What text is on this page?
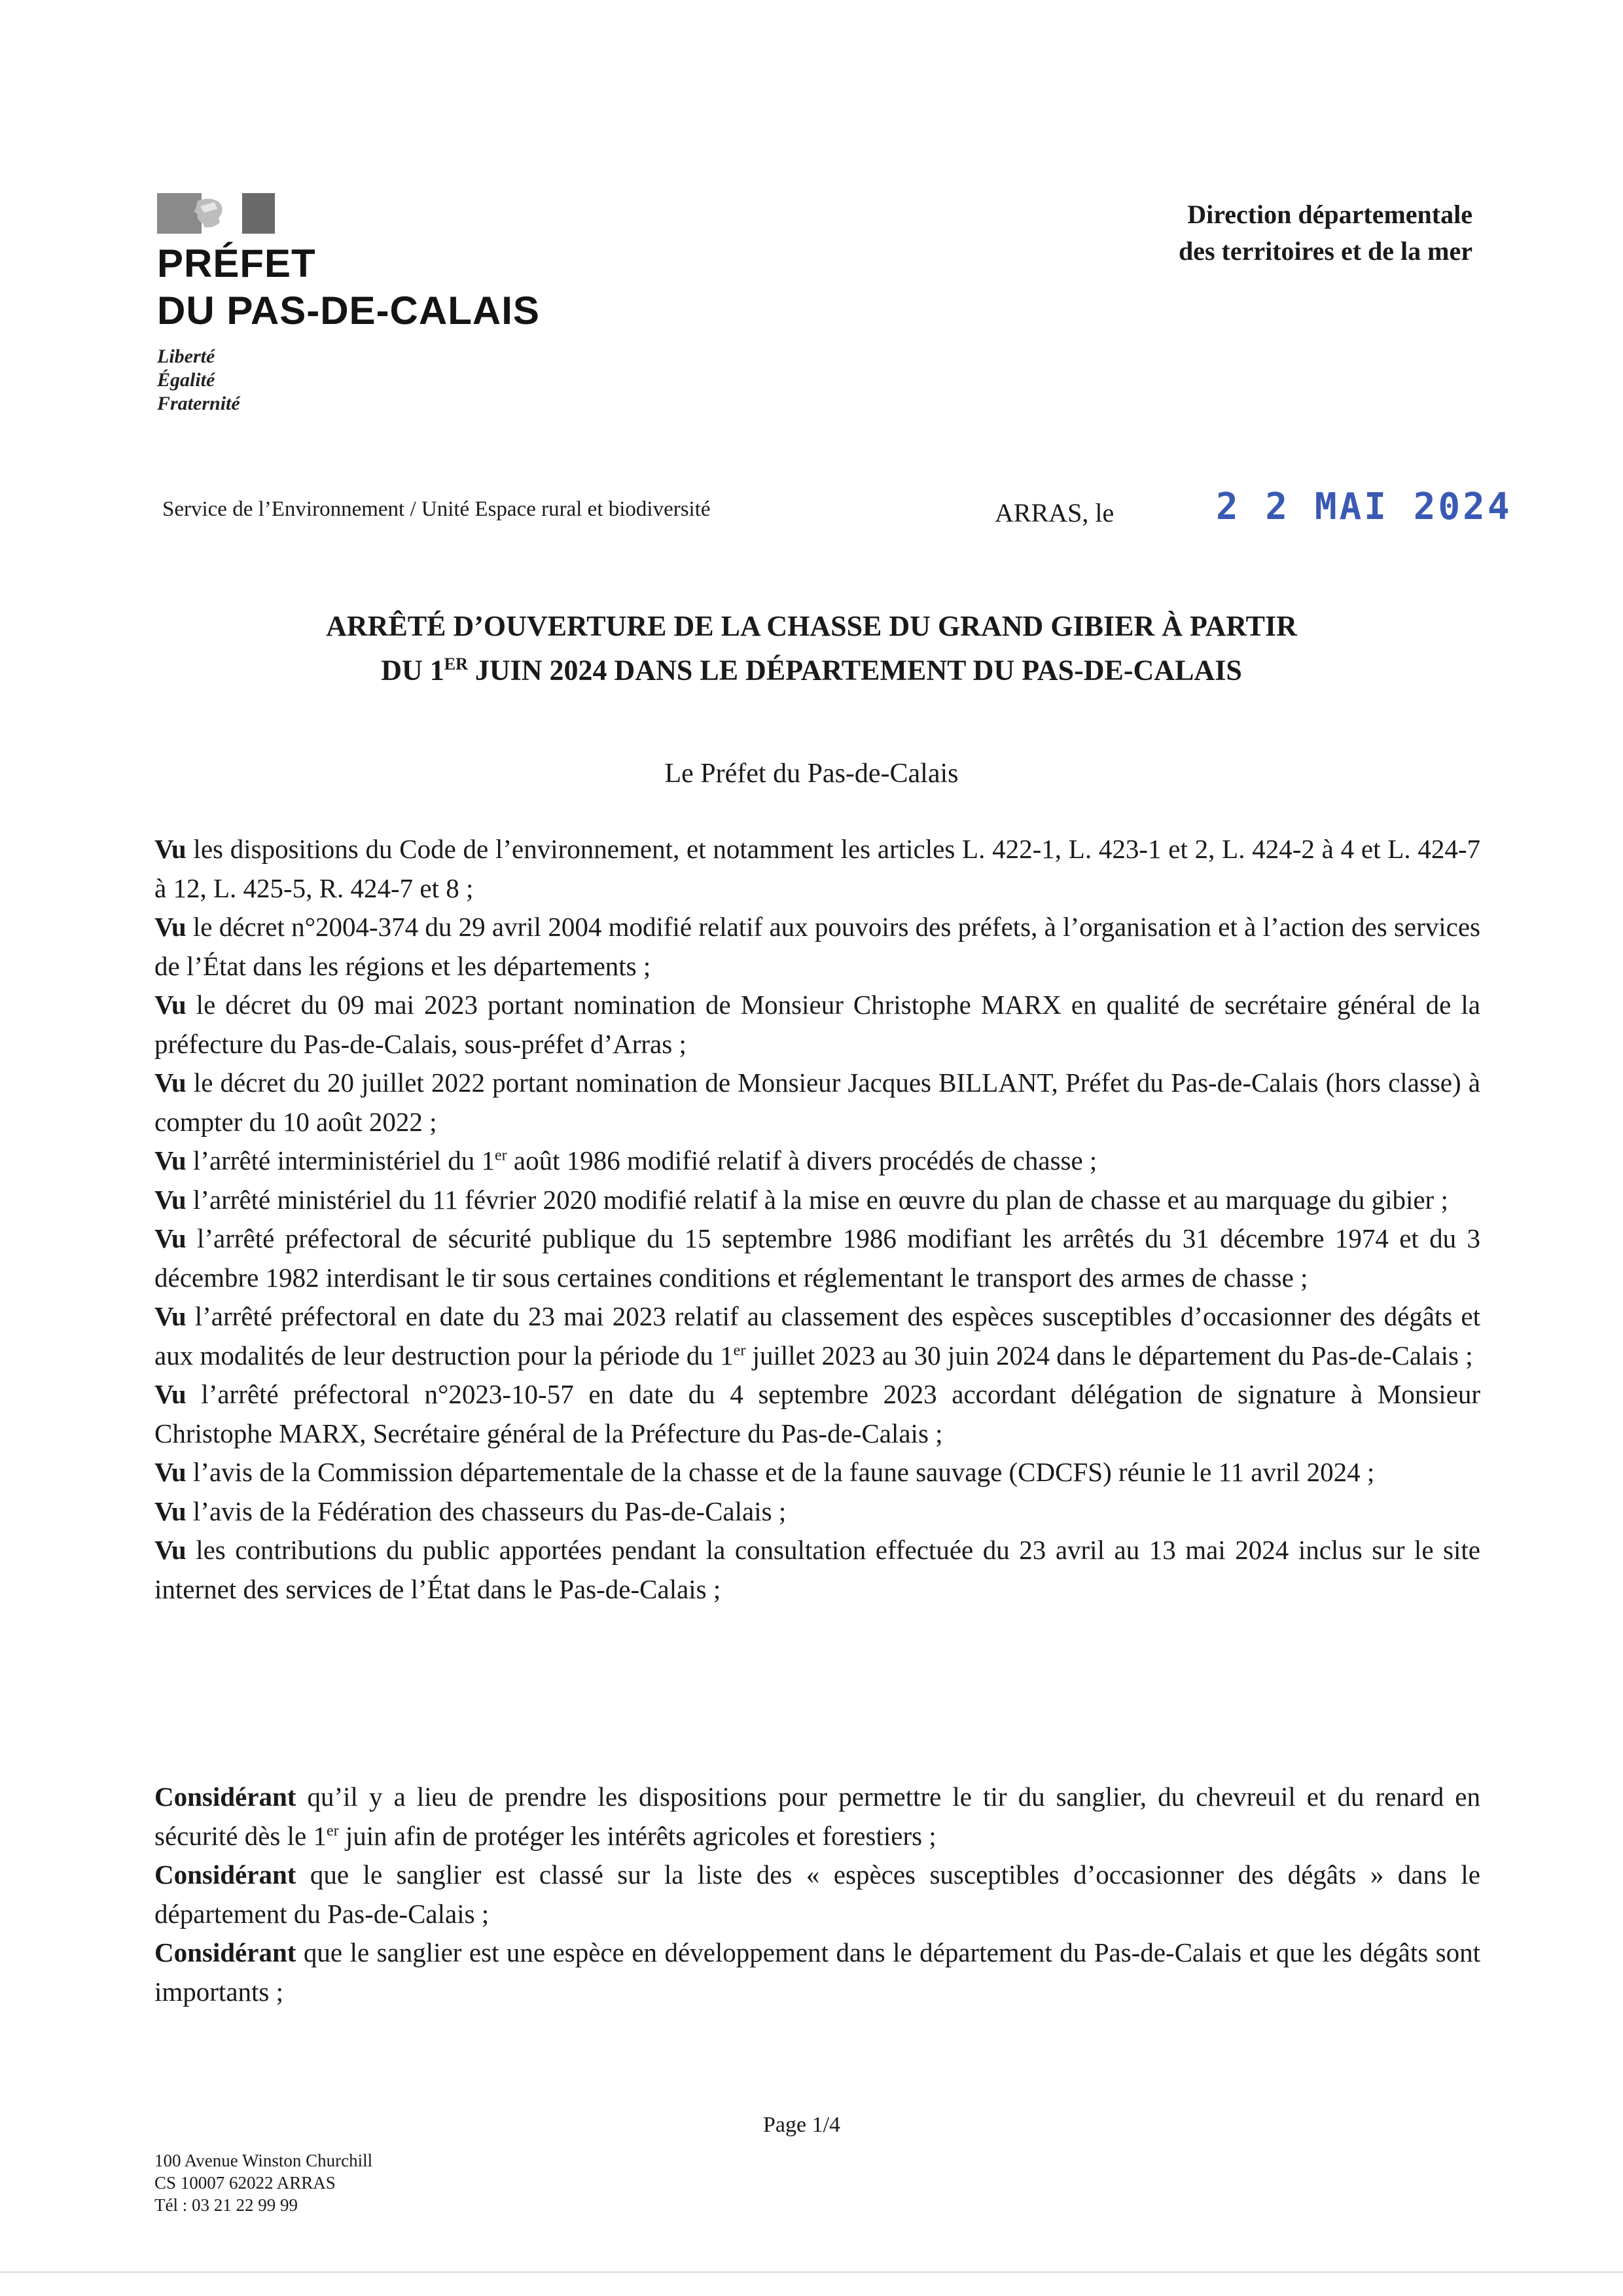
PRÉFET
DU PAS-DE-CALAIS
Liberté
Égalité
Fraternité
Direction départementale
des territoires et de la mer
Service de l’Environnement / Unité Espace rural et biodiversité	ARRAS, le	2 2 MAI 2024
ARRÊTÉ D’OUVERTURE DE LA CHASSE DU GRAND GIBIER À PARTIR
DU 1ER JUIN 2024 DANS LE DÉPARTEMENT DU PAS-DE-CALAIS
Le Préfet du Pas-de-Calais

Vu les dispositions du Code de l’environnement, et notamment les articles L. 422-1, L. 423-1 et 2, L. 424-2 à 4 et L. 424-7 à 12, L. 425-5, R. 424-7 et 8 ;

Vu le décret n°2004-374 du 29 avril 2004 modifié relatif aux pouvoirs des préfets, à l’organisation et à l’action des services de l’État dans les régions et les départements ;

Vu le décret du 09 mai 2023 portant nomination de Monsieur Christophe MARX en qualité de secrétaire général de la préfecture du Pas-de-Calais, sous-préfet d’Arras ;

Vu le décret du 20 juillet 2022 portant nomination de Monsieur Jacques BILLANT, Préfet du Pas-de-Calais (hors classe) à compter du 10 août 2022 ;

Vu l’arrêté interministériel du 1er août 1986 modifié relatif à divers procédés de chasse ;

Vu l’arrêté ministériel du 11 février 2020 modifié relatif à la mise en œuvre du plan de chasse et au marquage du gibier ;

Vu l’arrêté préfectoral de sécurité publique du 15 septembre 1986 modifiant les arrêtés du 31 décembre 1974 et du 3 décembre 1982 interdisant le tir sous certaines conditions et réglementant le transport des armes de chasse ;

Vu l’arrêté préfectoral en date du 23 mai 2023 relatif au classement des espèces susceptibles d’occasionner des dégâts et aux modalités de leur destruction pour la période du 1er juillet 2023 au 30 juin 2024 dans le département du Pas-de-Calais ;

Vu l’arrêté préfectoral n°2023-10-57 en date du 4 septembre 2023 accordant délégation de signature à Monsieur Christophe MARX, Secrétaire général de la Préfecture du Pas-de-Calais ;

Vu l’avis de la Commission départementale de la chasse et de la faune sauvage (CDCFS) réunie le 11 avril 2024 ;

Vu l’avis de la Fédération des chasseurs du Pas-de-Calais ;

Vu les contributions du public apportées pendant la consultation effectuée du 23 avril au 13 mai 2024 inclus sur le site internet des services de l’État dans le Pas-de-Calais ;

Considérant qu’il y a lieu de prendre les dispositions pour permettre le tir du sanglier, du chevreuil et du renard en sécurité dès le 1er juin afin de protéger les intérêts agricoles et forestiers ;

Considérant que le sanglier est classé sur la liste des « espèces susceptibles d’occasionner des dégâts » dans le département du Pas-de-Calais ;

Considérant que le sanglier est une espèce en développement dans le département du Pas-de-Calais et que les dégâts sont importants ;

Page 1/4
100 Avenue Winston Churchill
CS 10007 62022 ARRAS
Tél : 03 21 22 99 99
